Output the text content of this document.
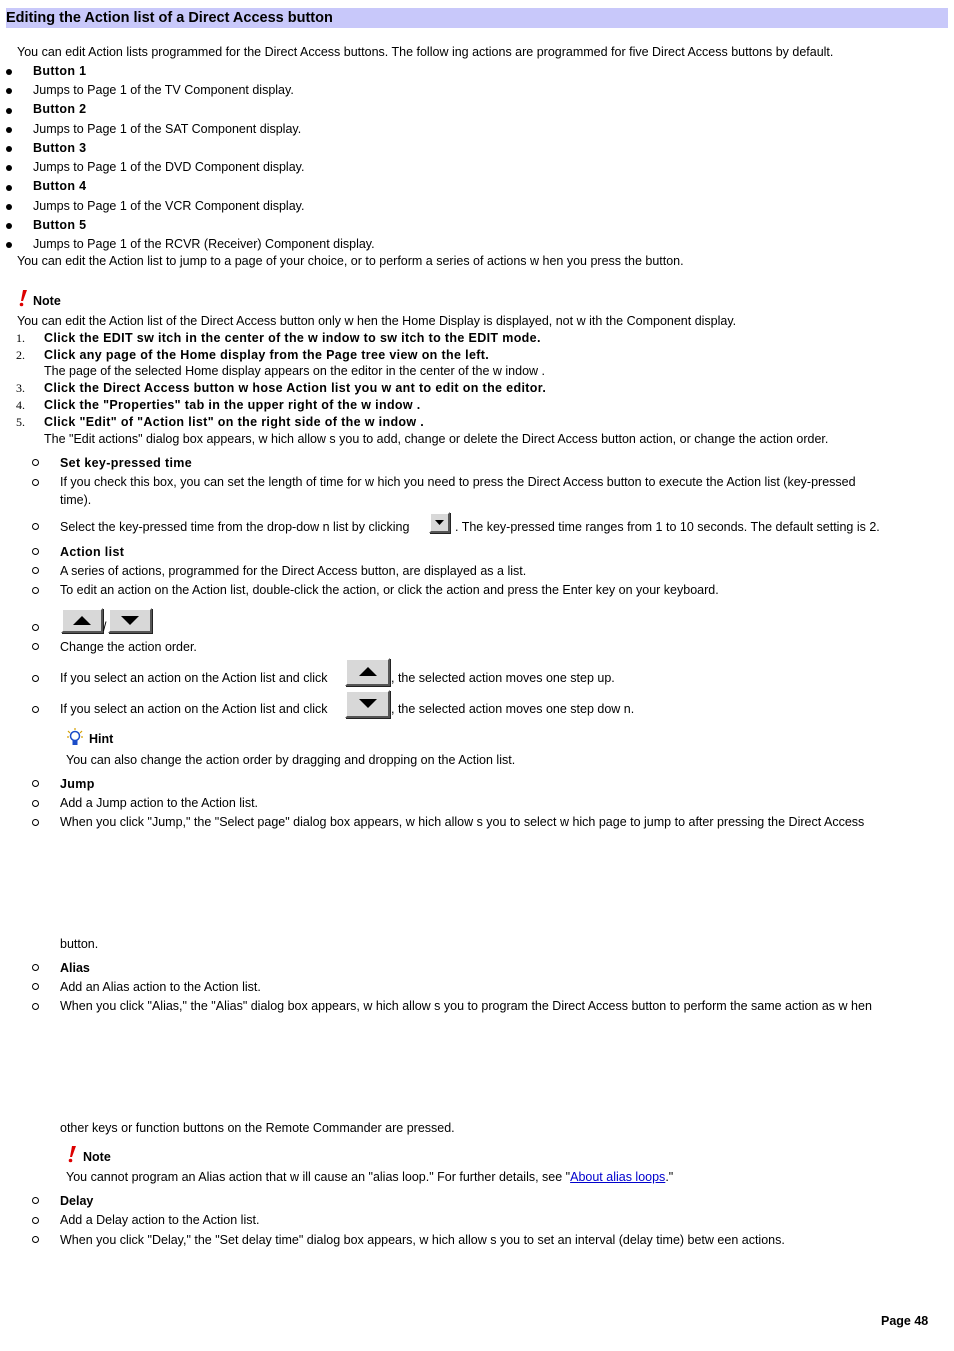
Editing the Action list of a Direct Access button
You can edit Action lists programmed for the Direct Access buttons. The follow ing actions are programmed for five Direct Access buttons by default.
Button 1
Jumps to Page 1 of the TV Component display.
Button 2
Jumps to Page 1 of the SAT Component display.
Button 3
Jumps to Page 1 of the DVD Component display.
Button 4
Jumps to Page 1 of the VCR Component display.
Button 5
Jumps to Page 1 of the RCVR (Receiver) Component display.
You can edit the Action list to jump to a page of your choice, or to perform a series of actions w hen you press the button.
Note
You can edit the Action list of the Direct Access button only w hen the Home Display is displayed, not w ith the Component display.
1. Click the EDIT sw itch in the center of the w indow to sw itch to the EDIT mode.
2. Click any page of the Home display from the Page tree view on the left.
The page of the selected Home display appears on the editor in the center of the w indow .
3. Click the Direct Access button w hose Action list you w ant to edit on the editor.
4. Click the "Properties" tab in the upper right of the w indow .
5. Click "Edit" of "Action list" on the right side of the w indow .
The "Edit actions" dialog box appears, w hich allow s you to add, change or delete the Direct Access button action, or change the action order.
Set key-pressed time
If you check this box, you can set the length of time for w hich you need to press the Direct Access button to execute the Action list (key-pressed
time).
Select the key-pressed time from the drop-dow n list by clicking	. The key-pressed time ranges from 1 to 10 seconds. The default setting is 2.
Action list
A series of actions, programmed for the Direct Access button, are displayed as a list.
To edit an action on the Action list, double-click the action, or click the action and press the Enter key on your keyboard.
/
Change the action order.
If you select an action on the Action list and click	, the selected action moves one step up.
If you select an action on the Action list and click	, the selected action moves one step dow n.
Hint
You can also change the action order by dragging and dropping on the Action list.
Jump
Add a Jump action to the Action list.
When you click "Jump," the "Select page" dialog box appears, w hich allow s you to select w hich page to jump to after pressing the Direct Access
button.
Alias
Add an Alias action to the Action list.
When you click "Alias," the "Alias" dialog box appears, w hich allow s you to program the Direct Access button to perform the same action as w hen
other keys or function buttons on the Remote Commander are pressed.
Note
You cannot program an Alias action that w ill cause an "alias loop." For further details, see "About alias loops."
Delay
Add a Delay action to the Action list.
When you click "Delay," the "Set delay time" dialog box appears, w hich allow s you to set an interval (delay time) betw een actions.
Page 48
